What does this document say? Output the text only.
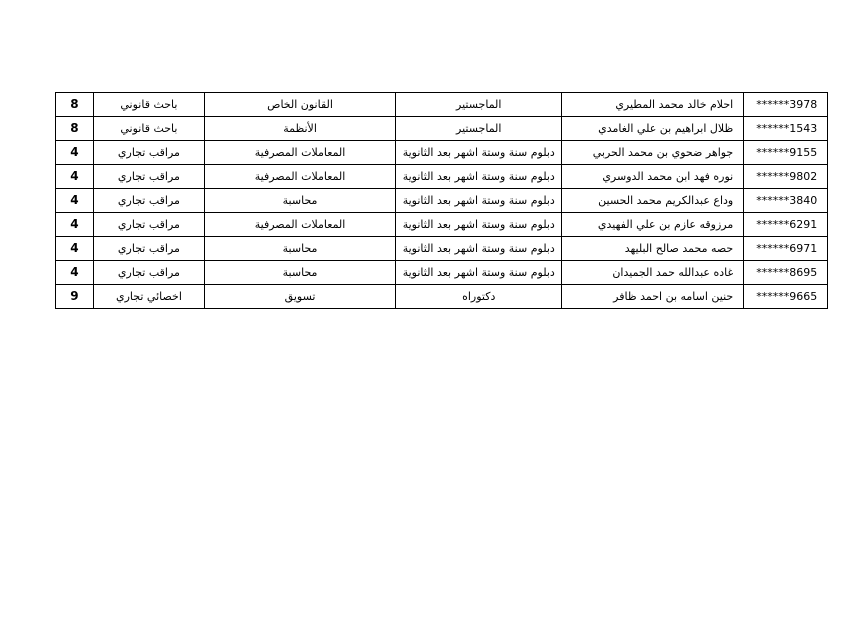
8	باحث قانوني	القانون الخاص	الماجستير	احلام خالد محمد المطيري	******3978
8	باحث قانوني	الأنظمة	الماجستير	ظلال ابراهيم بن علي الغامدي	******1543
4	مراقب تجاري	المعاملات المصرفية	دبلوم سنة وستة اشهر بعد الثانوية	جواهر ضحوي بن محمد الحربي	******9155
4	مراقب تجاري	المعاملات المصرفية	دبلوم سنة وستة اشهر بعد الثانوية	نوره فهد ابن محمد الدوسري	******9802
4	مراقب تجاري	محاسبة	دبلوم سنة وستة اشهر بعد الثانوية	وداع عبدالكريم محمد الحسين	******3840
4	مراقب تجاري	المعاملات المصرفية	دبلوم سنة وستة اشهر بعد الثانوية	مرزوقه عازم بن علي الفهيدي	******6291
4	مراقب تجاري	محاسبة	دبلوم سنة وستة اشهر بعد الثانوية	حصه محمد صالح البليهد	******6971
4	مراقب تجاري	محاسبة	دبلوم سنة وستة اشهر بعد الثانوية	غاده عبدالله حمد الجميدان	******8695
9	اخصائي تجاري	تسويق	دكتوراه	حنين اسامه بن احمد ظافر	******9665
